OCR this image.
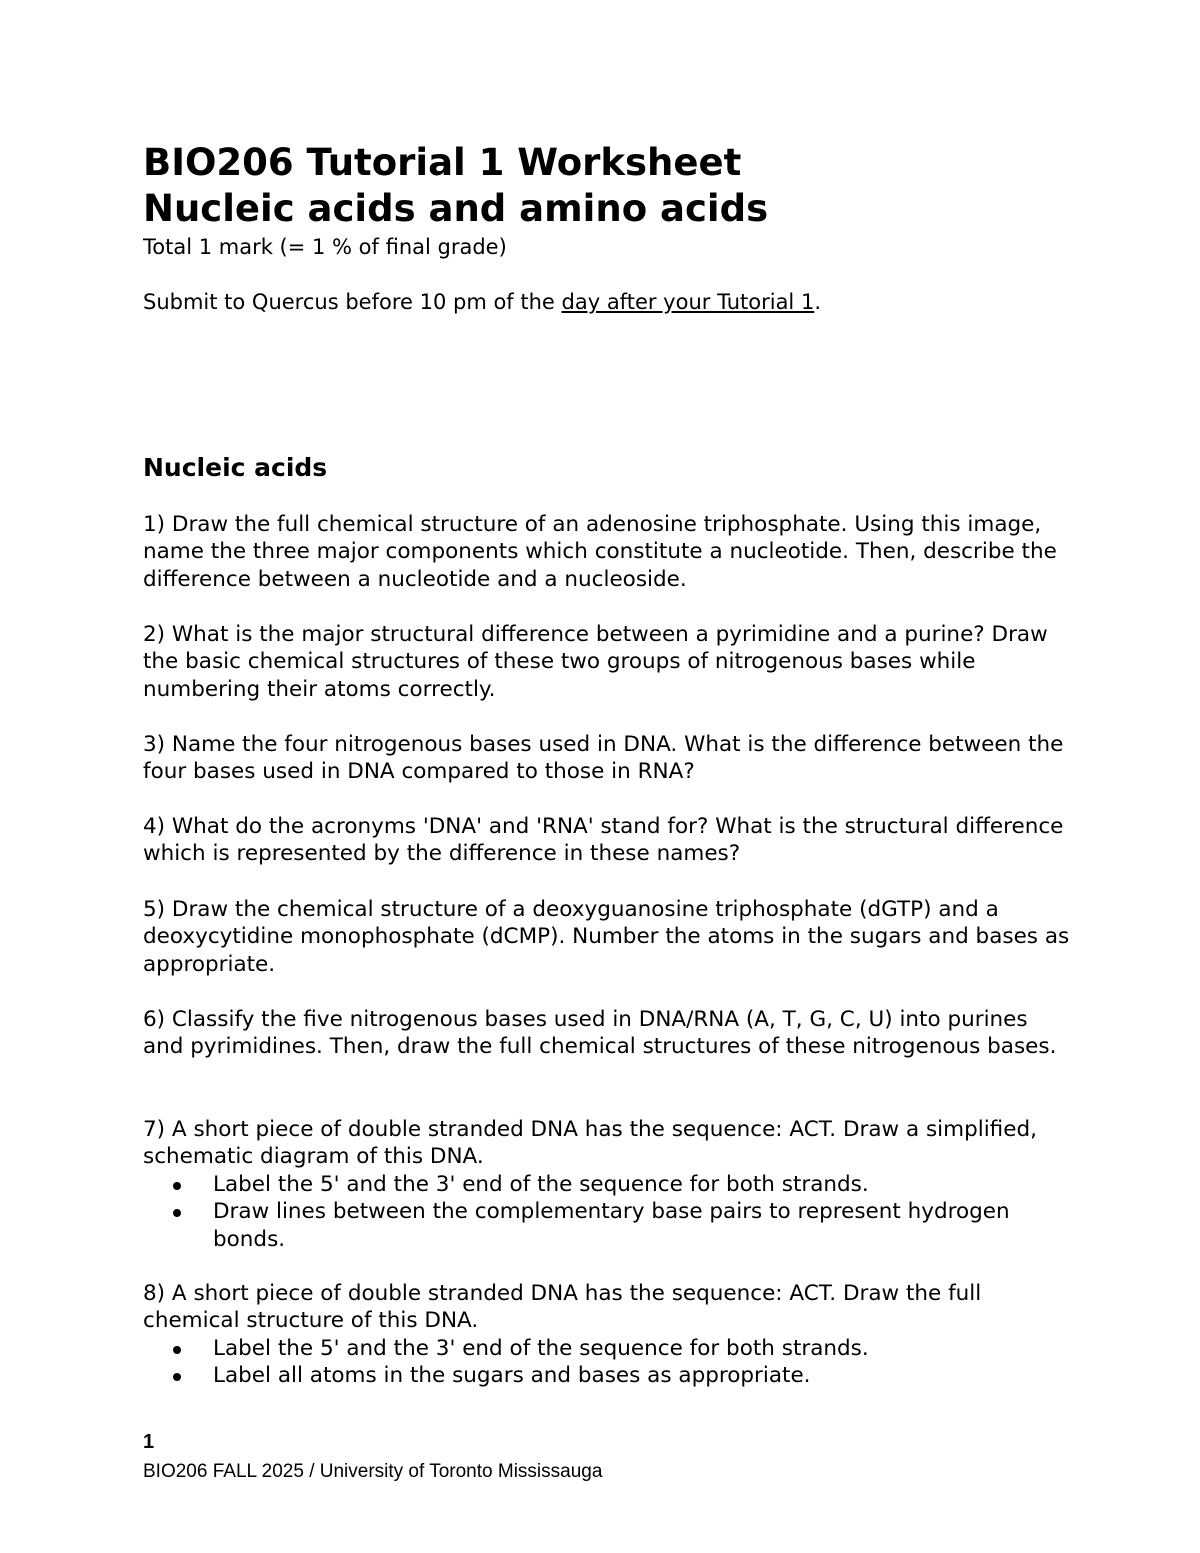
BIO206 Tutorial 1 Worksheet
Nucleic acids and amino acids

Total 1 mark (= 1 % of final grade)

Submit to Quercus before 10 pm of the day after your Tutorial 1.

Nucleic acids

1) Draw the full chemical structure of an adenosine triphosphate. Using this image, name the three major components which constitute a nucleotide. Then, describe the difference between a nucleotide and a nucleoside.

2) What is the major structural difference between a pyrimidine and a purine? Draw the basic chemical structures of these two groups of nitrogenous bases while numbering their atoms correctly.

3) Name the four nitrogenous bases used in DNA. What is the difference between the four bases used in DNA compared to those in RNA?

4) What do the acronyms 'DNA' and 'RNA' stand for? What is the structural difference which is represented by the difference in these names?

5) Draw the chemical structure of a deoxyguanosine triphosphate (dGTP) and a deoxycytidine monophosphate (dCMP). Number the atoms in the sugars and bases as appropriate.

6) Classify the five nitrogenous bases used in DNA/RNA (A, T, G, C, U) into purines and pyrimidines. Then, draw the full chemical structures of these nitrogenous bases.

7) A short piece of double stranded DNA has the sequence: ACT. Draw a simplified, schematic diagram of this DNA.
Label the 5' and the 3' end of the sequence for both strands.
Draw lines between the complementary base pairs to represent hydrogen bonds.
8) A short piece of double stranded DNA has the sequence: ACT. Draw the full chemical structure of this DNA.
Label the 5' and the 3' end of the sequence for both strands.
Label all atoms in the sugars and bases as appropriate.
1
BIO206 FALL 2025 / University of Toronto Mississauga
